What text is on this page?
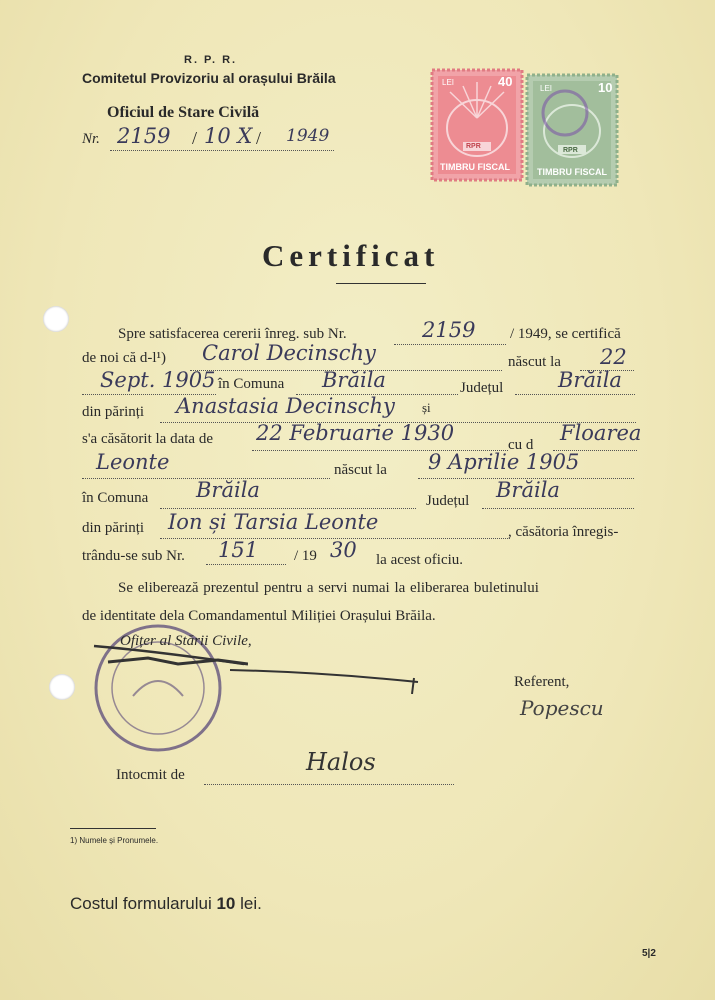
R. P. R.
Comitetul Provizoriu al orașului Brăila
Oficiul de Stare Civilă
Nr. 2159 / 10 X / 1949
LEI	40
RPR
TIMBRU FISCAL
LEI	10
RPR
TIMBRU FISCAL
Certificat
Spre satisfacerea cererii înreg. sub Nr.	2159 / 1949, se certifică
de noi că d-l¹) Carol Decinschy	născut la 22
Sept. 1905 în Comuna Brăila	Județul	Brăila
din părinți Anastasia Decinschy și
s'a căsătorit la data de 22 Februarie 1930	cu d Floarea
Leonte	născut la 9 Aprilie 1905
în Comuna Brăila	Județul Brăila
din părinți Ion și Tarsia Leonte	, căsătoria înregis-
trându-se sub Nr. 151 / 19 30 la acest oficiu.
Se eliberează prezentul pentru a servi numai la eliberarea buletinului
de identitate dela Comandamentul Miliției Orașului Brăila.
Ofițer al Stării Civile,
Referent,
Popescu
Intocmit de	Halos
1) Numele și Pronumele.
Costul formularului 10 lei.
5|2
